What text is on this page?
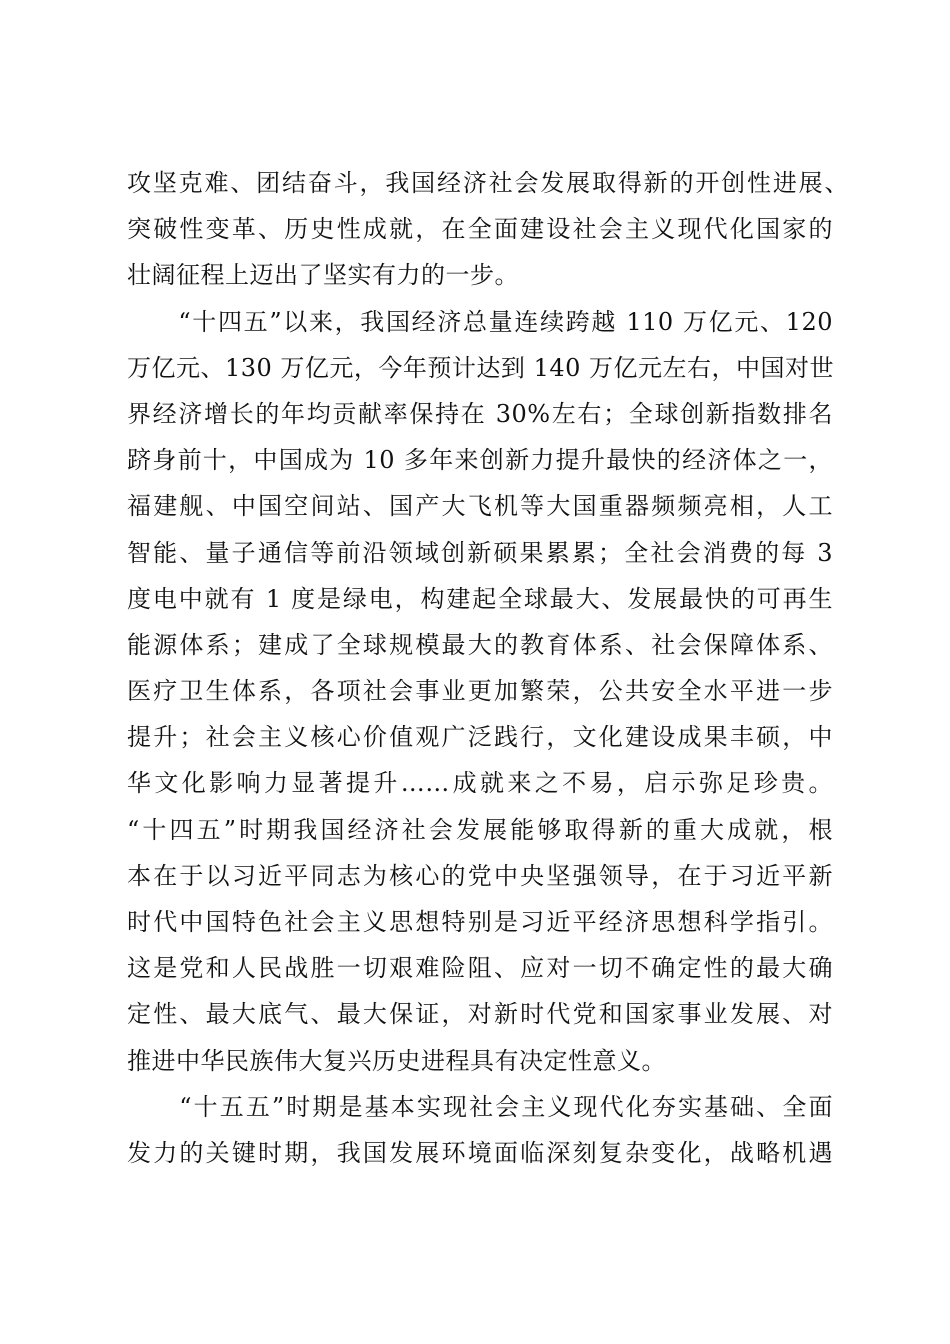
攻坚克难、团结奋斗，我国经济社会发展取得新的开创性进展、
突破性变革、历史性成就，在全面建设社会主义现代化国家的
壮阔征程上迈出了坚实有力的一步。
　　“十四五”以来，我国经济总量连续跨越 110 万亿元、120
万亿元、130 万亿元，今年预计达到 140 万亿元左右，中国对世
界经济增长的年均贡献率保持在 30%左右；全球创新指数排名
跻身前十，中国成为 10 多年来创新力提升最快的经济体之一，
福建舰、中国空间站、国产大飞机等大国重器频频亮相，人工
智能、量子通信等前沿领域创新硕果累累；全社会消费的每 3
度电中就有 1 度是绿电，构建起全球最大、发展最快的可再生
能源体系；建成了全球规模最大的教育体系、社会保障体系、
医疗卫生体系，各项社会事业更加繁荣，公共安全水平进一步
提升；社会主义核心价值观广泛践行，文化建设成果丰硕，中
华文化影响力显著提升……成就来之不易，启示弥足珍贵。
“十四五”时期我国经济社会发展能够取得新的重大成就，根
本在于以习近平同志为核心的党中央坚强领导，在于习近平新
时代中国特色社会主义思想特别是习近平经济思想科学指引。
这是党和人民战胜一切艰难险阻、应对一切不确定性的最大确
定性、最大底气、最大保证，对新时代党和国家事业发展、对
推进中华民族伟大复兴历史进程具有决定性意义。
　　“十五五”时期是基本实现社会主义现代化夯实基础、全面
发力的关键时期，我国发展环境面临深刻复杂变化，战略机遇
